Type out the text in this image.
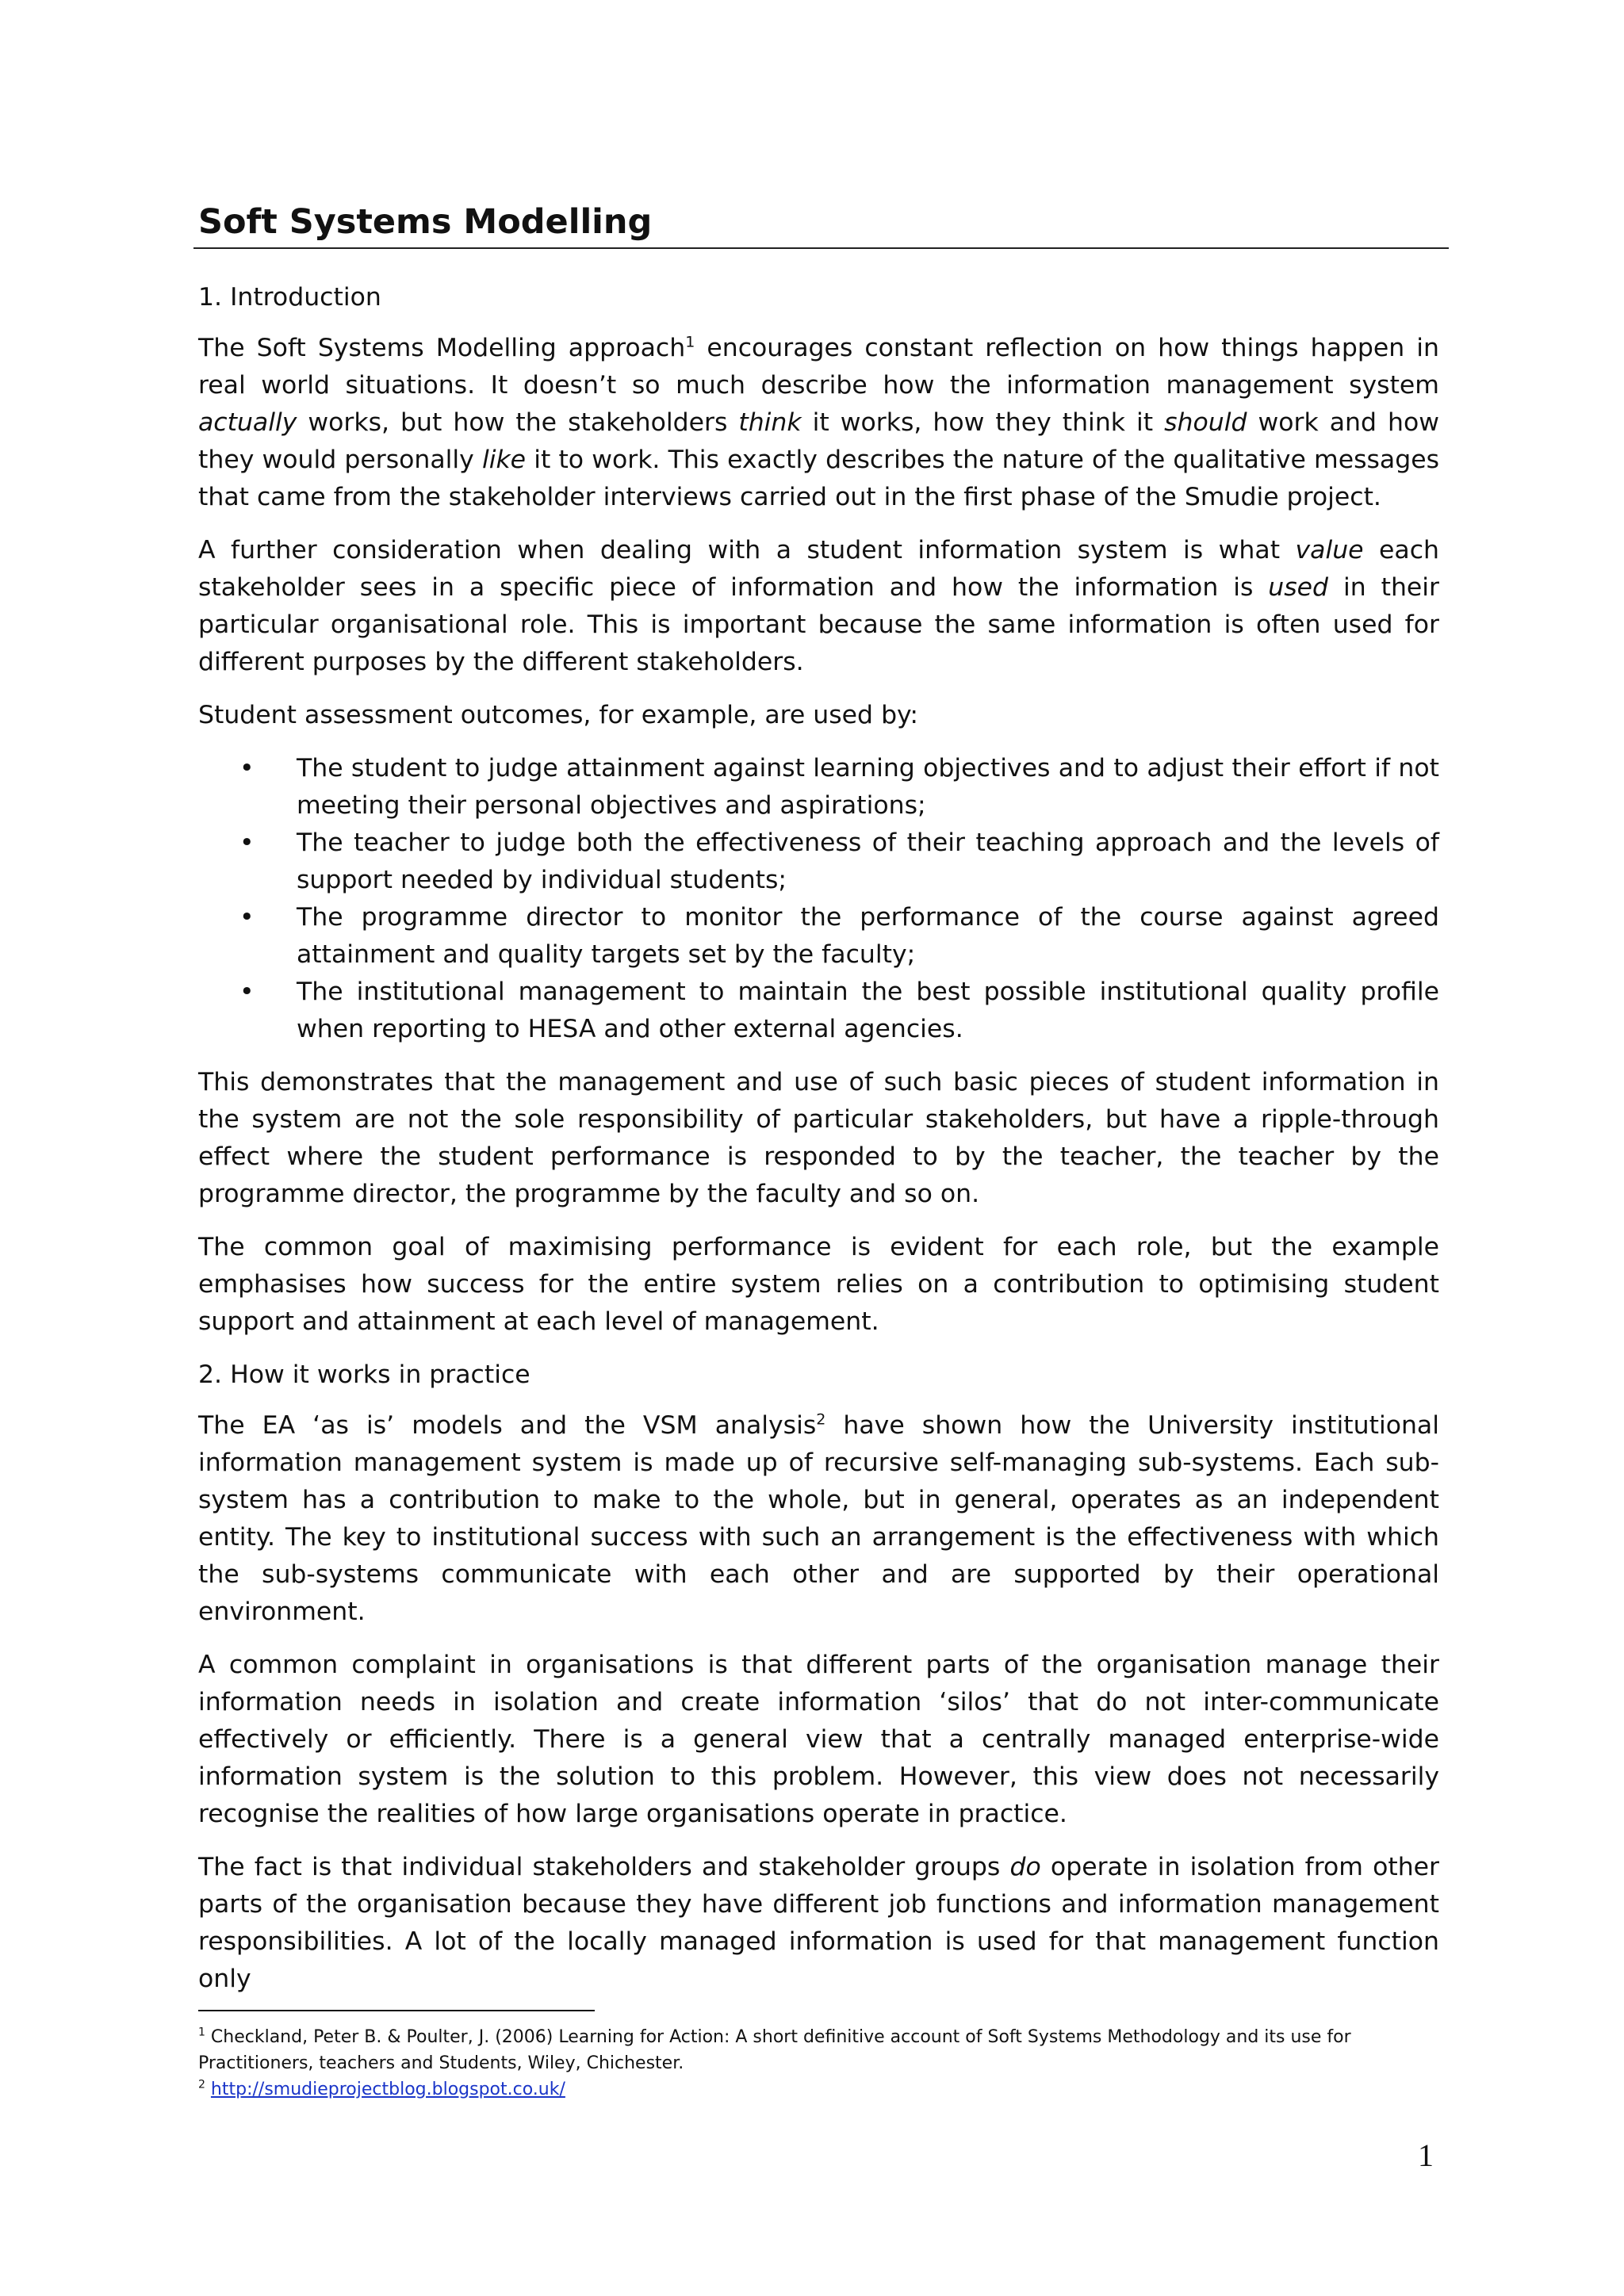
Soft Systems Modelling

1. Introduction

The Soft Systems Modelling approach$^1$ encourages constant reflection on how things happen in real world situations. It doesn’t so much describe how the information management system actually works, but how the stakeholders think it works, how they think it should work and how they would personally like it to work. This exactly describes the nature of the qualitative messages that came from the stakeholder interviews carried out in the first phase of the Smudie project.

A further consideration when dealing with a student information system is what value each stakeholder sees in a specific piece of information and how the information is used in their particular organisational role. This is important because the same information is often used for different purposes by the different stakeholders.

Student assessment outcomes, for example, are used by:

• The student to judge attainment against learning objectives and to adjust their effort if not meeting their personal objectives and aspirations;
• The teacher to judge both the effectiveness of their teaching approach and the levels of support needed by individual students;
• The programme director to monitor the performance of the course against agreed attainment and quality targets set by the faculty;
• The institutional management to maintain the best possible institutional quality profile when reporting to HESA and other external agencies.

This demonstrates that the management and use of such basic pieces of student information in the system are not the sole responsibility of particular stakeholders, but have a ripple-through effect where the student performance is responded to by the teacher, the teacher by the programme director, the programme by the faculty and so on.

The common goal of maximising performance is evident for each role, but the example emphasises how success for the entire system relies on a contribution to optimising student support and attainment at each level of management.

2. How it works in practice

The EA ‘as is’ models and the VSM analysis$^2$ have shown how the University institutional information management system is made up of recursive self-managing sub-systems. Each sub-system has a contribution to make to the whole, but in general, operates as an independent entity. The key to institutional success with such an arrangement is the effectiveness with which the sub-systems communicate with each other and are supported by their operational environment.

A common complaint in organisations is that different parts of the organisation manage their information needs in isolation and create information ‘silos’ that do not inter-communicate effectively or efficiently. There is a general view that a centrally managed enterprise-wide information system is the solution to this problem. However, this view does not necessarily recognise the realities of how large organisations operate in practice.

The fact is that individual stakeholders and stakeholder groups do operate in isolation from other parts of the organisation because they have different job functions and information management responsibilities. A lot of the locally managed information is used for that management function only

$^1$ Checkland, Peter B. & Poulter, J. (2006) Learning for Action: A short definitive account of Soft Systems Methodology and its use for Practitioners, teachers and Students, Wiley, Chichester.

$^2$ http://smudieprojectblog.blogspot.co.uk/

1
